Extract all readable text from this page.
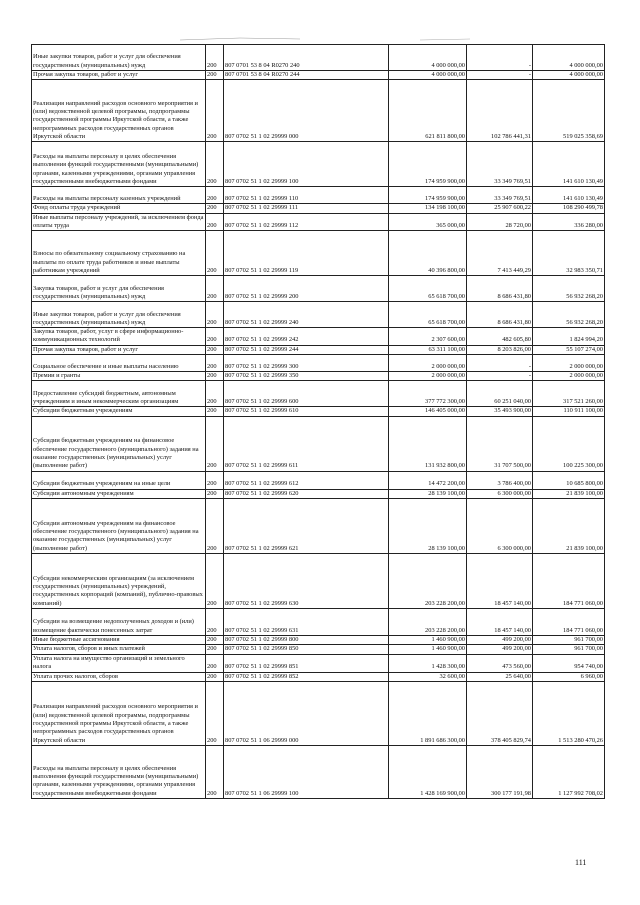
Иные закупки товаров, работ и услуг для обеспечения государственных (муниципальных) нужд	200	807 0701 53 8 04 R0270 240	4 000 000,00	-	4 000 000,00
Прочая закупка товаров, работ и услуг	200	807 0701 53 8 04 R0270 244	4 000 000,00	-	4 000 000,00
Реализация направлений расходов основного мероприятия и (или) ведомственной целевой программы, подпрограммы государственной программы Иркутской области, а также непрограммных расходов государственных органов Иркутской области	200	807 0702 51 1 02 29999 000	621 811 800,00	102 786 441,31	519 025 358,69
Расходы на выплаты персоналу в целях обеспечения выполнения функций государственными (муниципальными) органами, казенными учреждениями, органами управления государственными внебюджетными фондами	200	807 0702 51 1 02 29999 100	174 959 900,00	33 349 769,51	141 610 130,49
Расходы на выплаты персоналу казенных учреждений	200	807 0702 51 1 02 29999 110	174 959 900,00	33 349 769,51	141 610 130,49
Фонд оплаты труда учреждений	200	807 0702 51 1 02 29999 111	134 198 100,00	25 907 600,22	108 290 499,78
Иные выплаты персоналу учреждений, за исключением фонда оплаты труда	200	807 0702 51 1 02 29999 112	365 000,00	28 720,00	336 280,00
Взносы по обязательному социальному страхованию на выплаты по оплате труда работников и иные выплаты работникам учреждений	200	807 0702 51 1 02 29999 119	40 396 800,00	7 413 449,29	32 983 350,71
Закупка товаров, работ и услуг для обеспечения государственных (муниципальных) нужд	200	807 0702 51 1 02 29999 200	65 618 700,00	8 686 431,80	56 932 268,20
Иные закупки товаров, работ и услуг для обеспечения государственных (муниципальных) нужд	200	807 0702 51 1 02 29999 240	65 618 700,00	8 686 431,80	56 932 268,20
Закупка товаров, работ, услуг в сфере информационно-коммуникационных технологий	200	807 0702 51 1 02 29999 242	2 307 600,00	482 605,80	1 824 994,20
Прочая закупка товаров, работ и услуг	200	807 0702 51 1 02 29999 244	63 311 100,00	8 203 826,00	55 107 274,00
Социальное обеспечение и иные выплаты населению	200	807 0702 51 1 02 29999 300	2 000 000,00	-	2 000 000,00
Премии и гранты	200	807 0702 51 1 02 29999 350	2 000 000,00	-	2 000 000,00
Предоставление субсидий бюджетным, автономным учреждениям и иным некоммерческим организациям	200	807 0702 51 1 02 29999 600	377 772 300,00	60 251 040,00	317 521 260,00
Субсидии бюджетным учреждениям	200	807 0702 51 1 02 29999 610	146 405 000,00	35 493 900,00	110 911 100,00
Субсидии бюджетным учреждениям на финансовое обеспечение государственного (муниципального) задания на оказание государственных (муниципальных) услуг (выполнение работ)	200	807 0702 51 1 02 29999 611	131 932 800,00	31 707 500,00	100 225 300,00
Субсидии бюджетным учреждениям на иные цели	200	807 0702 51 1 02 29999 612	14 472 200,00	3 786 400,00	10 685 800,00
Субсидии автономным учреждениям	200	807 0702 51 1 02 29999 620	28 139 100,00	6 300 000,00	21 839 100,00
Субсидии автономным учреждениям на финансовое обеспечение государственного (муниципального) задания на оказание государственных (муниципальных) услуг (выполнение работ)	200	807 0702 51 1 02 29999 621	28 139 100,00	6 300 000,00	21 839 100,00
Субсидии некоммерческим организациям (за исключением государственных (муниципальных) учреждений, государственных корпораций (компаний), публично-правовых компаний)	200	807 0702 51 1 02 29999 630	203 228 200,00	18 457 140,00	184 771 060,00
Субсидии на возмещение недополученных доходов и (или) возмещение фактически понесенных затрат	200	807 0702 51 1 02 29999 631	203 228 200,00	18 457 140,00	184 771 060,00
Иные бюджетные ассигнования	200	807 0702 51 1 02 29999 800	1 460 900,00	499 200,00	961 700,00
Уплата налогов, сборов и иных платежей	200	807 0702 51 1 02 29999 850	1 460 900,00	499 200,00	961 700,00
Уплата налога на имущество организаций и земельного налога	200	807 0702 51 1 02 29999 851	1 428 300,00	473 560,00	954 740,00
Уплата прочих налогов, сборов	200	807 0702 51 1 02 29999 852	32 600,00	25 640,00	6 960,00
Реализация направлений расходов основного мероприятия и (или) ведомственной целевой программы, подпрограммы государственной программы Иркутской области, а также непрограммных расходов государственных органов Иркутской области	200	807 0702 51 1 06 29999 000	1 891 686 300,00	378 405 829,74	1 513 280 470,26
Расходы на выплаты персоналу в целях обеспечения выполнения функций государственными (муниципальными) органами, казенными учреждениями, органами управления государственными внебюджетными фондами	200	807 0702 51 1 06 29999 100	1 428 169 900,00	300 177 191,98	1 127 992 708,02
111
